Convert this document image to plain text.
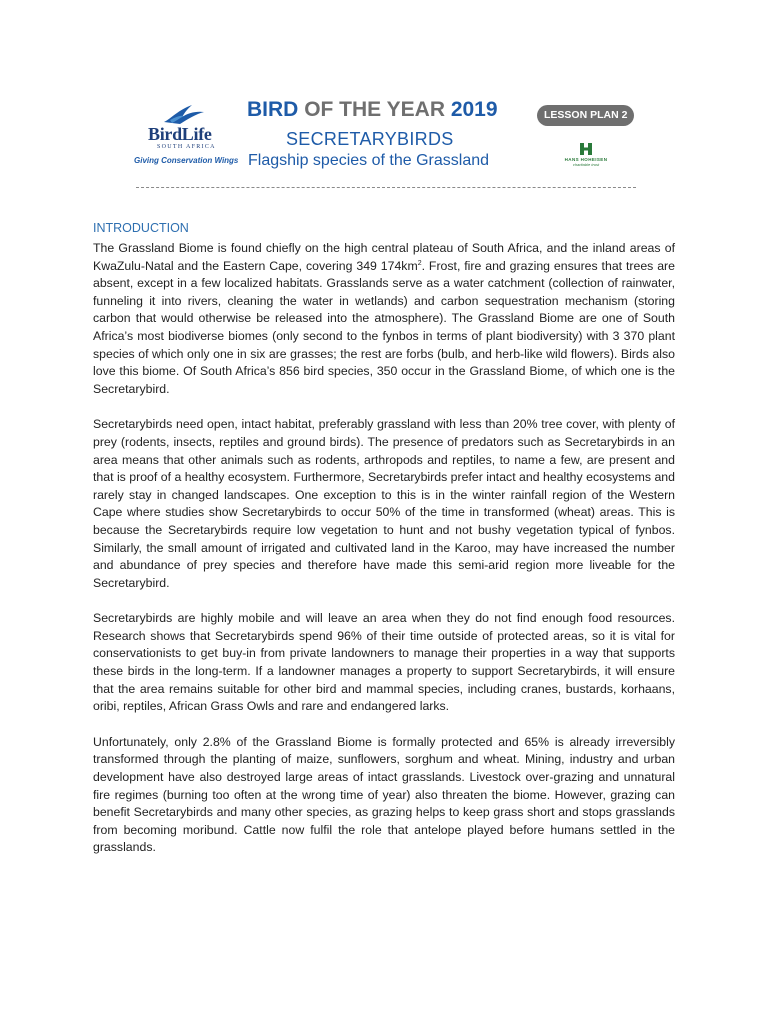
BirdLife
SOUTH AFRICA
Giving Conservation Wings
BIRD OF THE YEAR 2019	LESSON PLAN 2
SECRETARYBIRDS
Flagship species of the Grassland	HANS HOHEISEN
charitable trust
INTRODUCTION

The Grassland Biome is found chiefly on the high central plateau of South Africa, and the inland areas of KwaZulu-Natal and the Eastern Cape, covering 349 $174km^2$. Frost, fire and grazing ensures that trees are absent, except in a few localized habitats. Grasslands serve as a water catchment (collection of rainwater, funneling it into rivers, cleaning the water in wetlands) and carbon sequestration mechanism (storing carbon that would otherwise be released into the atmosphere). The Grassland Biome are one of South Africa’s most biodiverse biomes (only second to the fynbos in terms of plant biodiversity) with 3 370 plant species of which only one in six are grasses; the rest are forbs (bulb, and herb-like wild flowers). Birds also love this biome. Of South Africa’s 856 bird species, 350 occur in the Grassland Biome, of which one is the Secretarybird.

Secretarybirds need open, intact habitat, preferably grassland with less than 20% tree cover, with plenty of prey (rodents, insects, reptiles and ground birds). The presence of predators such as Secretarybirds in an area means that other animals such as rodents, arthropods and reptiles, to name a few, are present and that is proof of a healthy ecosystem. Furthermore, Secretarybirds prefer intact and healthy ecosystems and rarely stay in changed landscapes. One exception to this is in the winter rainfall region of the Western Cape where studies show Secretarybirds to occur 50% of the time in transformed (wheat) areas. This is because the Secretarybirds require low vegetation to hunt and not bushy vegetation typical of fynbos. Similarly, the small amount of irrigated and cultivated land in the Karoo, may have increased the number and abundance of prey species and therefore have made this semi-arid region more liveable for the Secretarybird.

Secretarybirds are highly mobile and will leave an area when they do not find enough food resources. Research shows that Secretarybirds spend 96% of their time outside of protected areas, so it is vital for conservationists to get buy-in from private landowners to manage their properties in a way that supports these birds in the long-term. If a landowner manages a property to support Secretarybirds, it will ensure that the area remains suitable for other bird and mammal species, including cranes, bustards, korhaans, oribi, reptiles, African Grass Owls and rare and endangered larks.

Unfortunately, only 2.8% of the Grassland Biome is formally protected and 65% is already irreversibly transformed through the planting of maize, sunflowers, sorghum and wheat. Mining, industry and urban development have also destroyed large areas of intact grasslands. Livestock over-grazing and unnatural fire regimes (burning too often at the wrong time of year) also threaten the biome. However, grazing can benefit Secretarybirds and many other species, as grazing helps to keep grass short and stops grasslands from becoming moribund. Cattle now fulfil the role that antelope played before humans settled in the grasslands.
